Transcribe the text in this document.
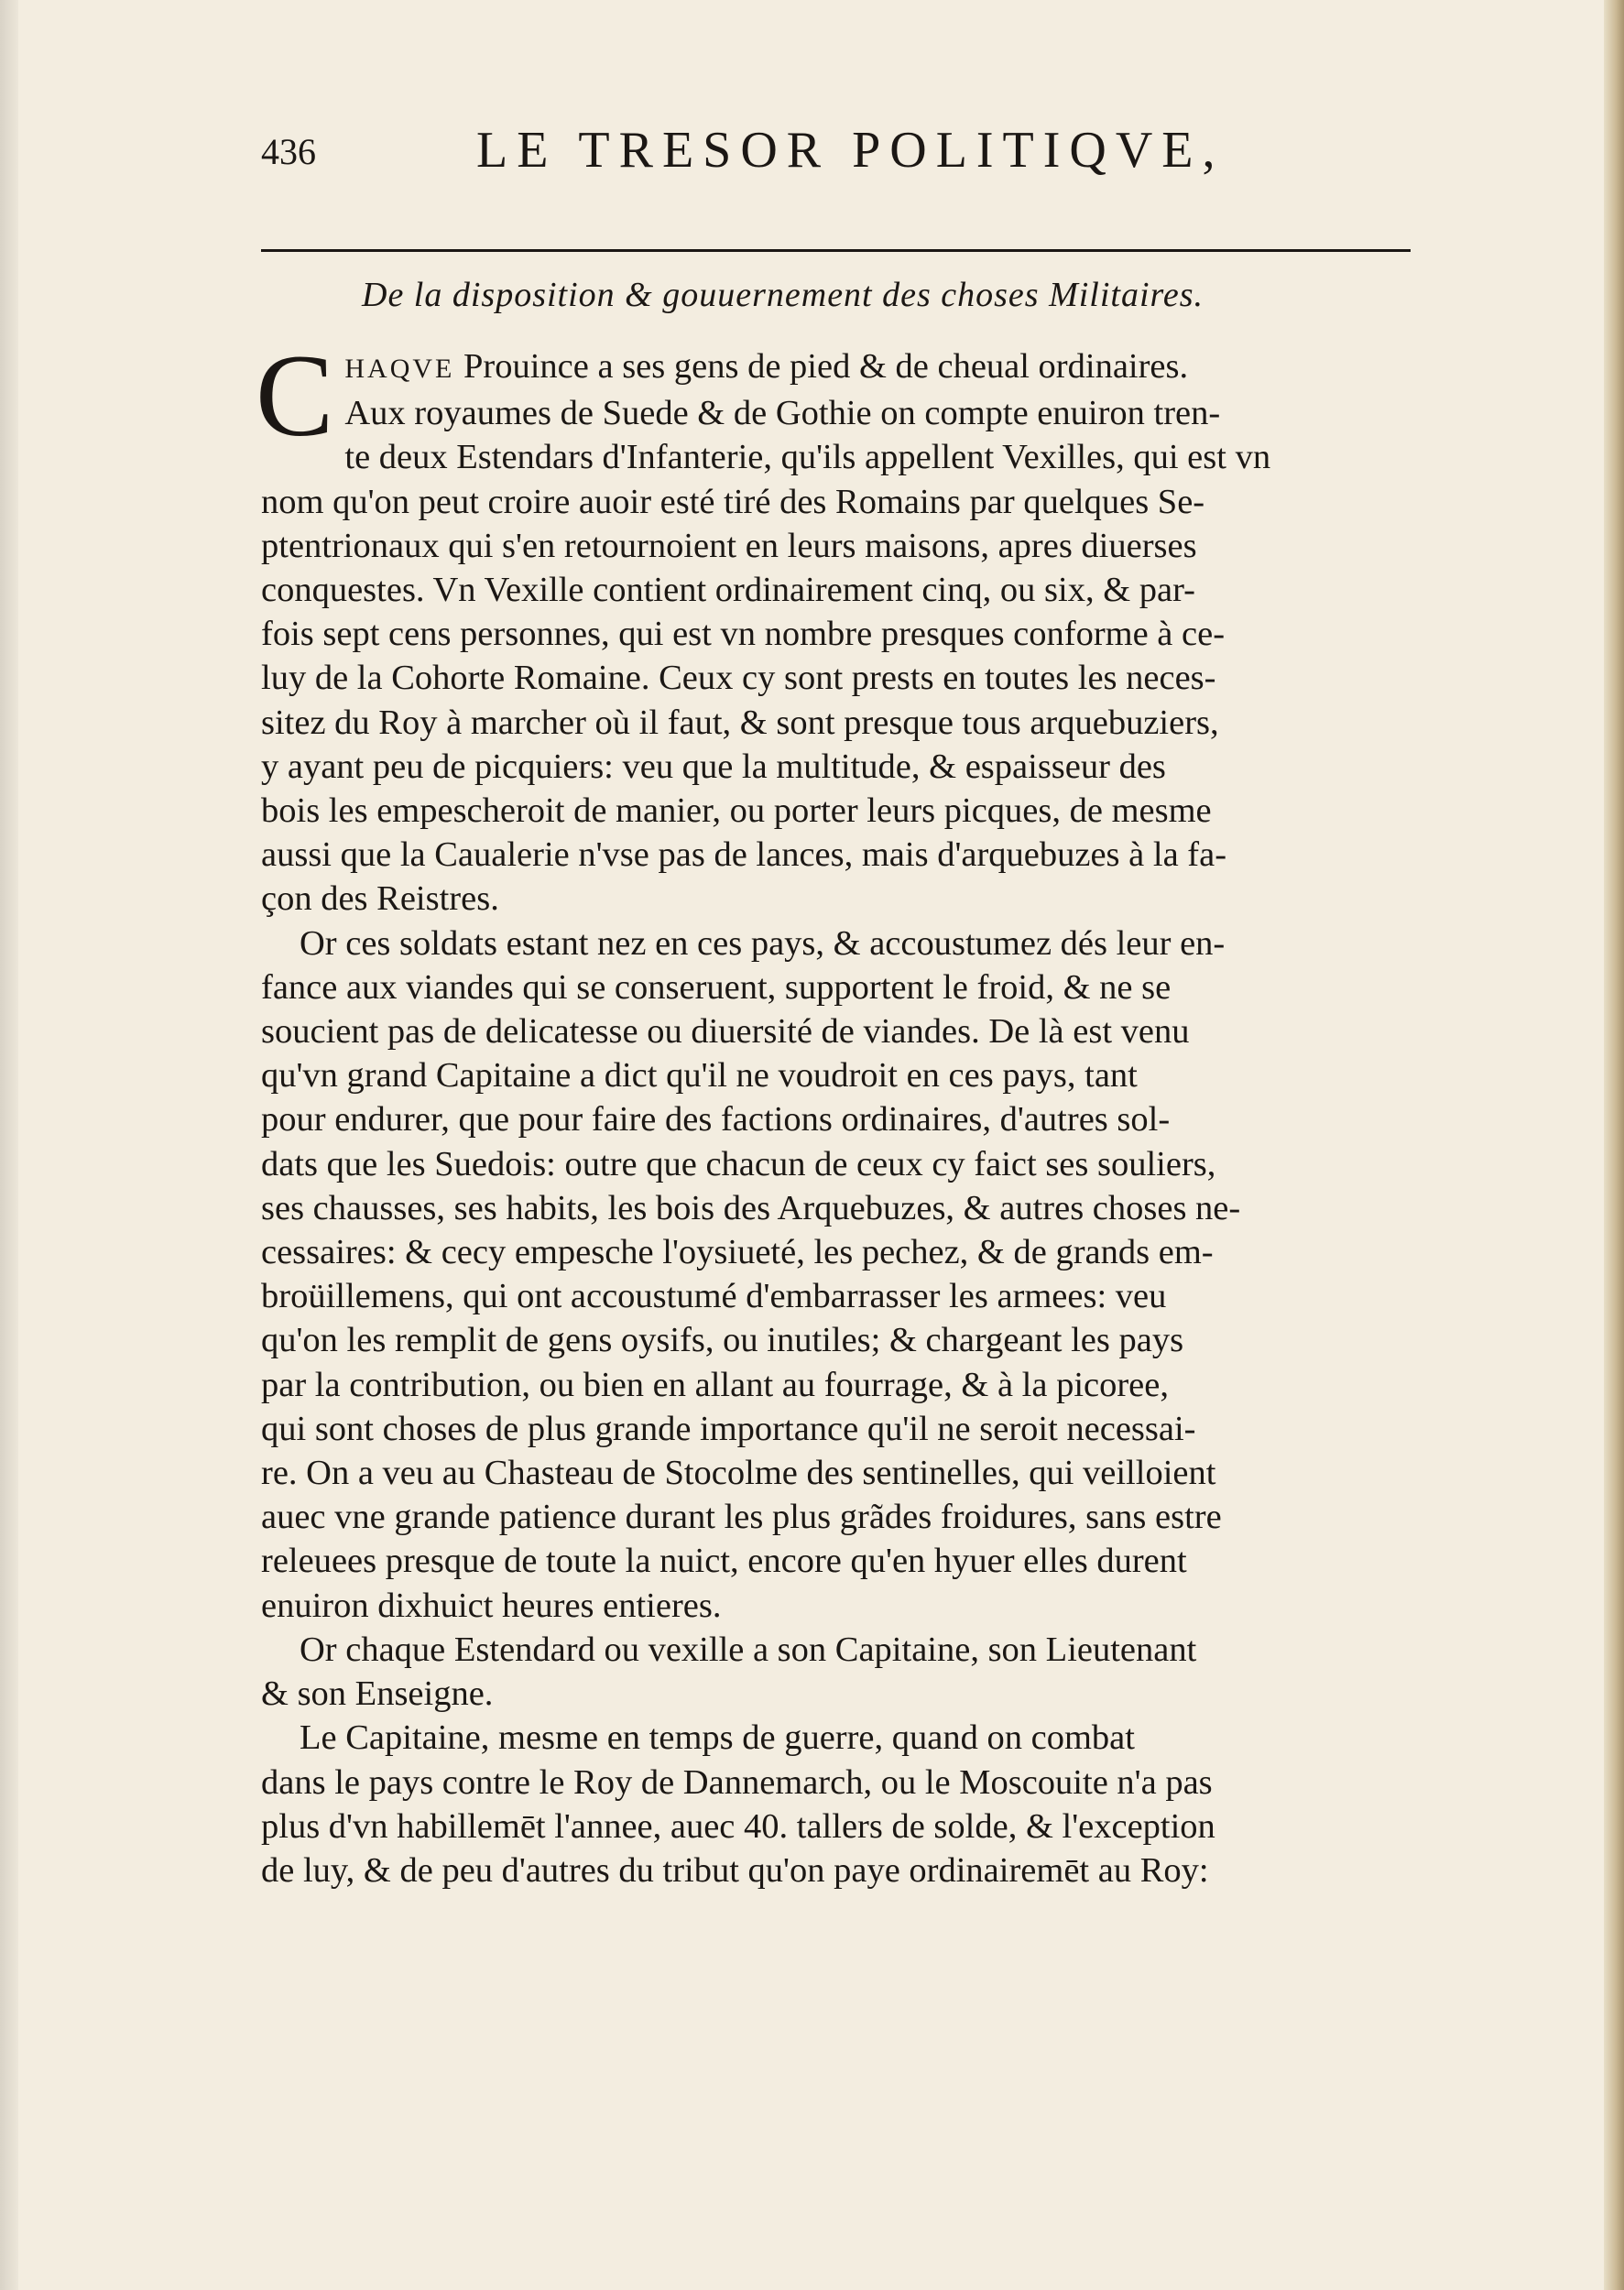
436	LE TRESOR POLITIQVE,
De la disposition & gouuernement des choses Militaires.

C HAQVE Prouince a ses gens de pied & de cheual ordinaires.
Aux royaumes de Suede & de Gothie on compte enuiron tren-
te deux Estendars d'Infanterie, qu'ils appellent Vexilles, qui est vn
nom qu'on peut croire auoir esté tiré des Romains par quelques Se-
ptentrionaux qui s'en retournoient en leurs maisons, apres diuerses
conquestes. Vn Vexille contient ordinairement cinq, ou six, & par-
fois sept cens personnes, qui est vn nombre presques conforme à ce-
luy de la Cohorte Romaine. Ceux cy sont prests en toutes les neces-
sitez du Roy à marcher où il faut, & sont presque tous arquebuziers,
y ayant peu de picquiers: veu que la multitude, & espaisseur des
bois les empescheroit de manier, ou porter leurs picques, de mesme
aussi que la Caualerie n'vse pas de lances, mais d'arquebuzes à la fa-
çon des Reistres.

Or ces soldats estant nez en ces pays, & accoustumez dés leur en-
fance aux viandes qui se conseruent, supportent le froid, & ne se
soucient pas de delicatesse ou diuersité de viandes. De là est venu
qu'vn grand Capitaine a dict qu'il ne voudroit en ces pays, tant
pour endurer, que pour faire des factions ordinaires, d'autres sol-
dats que les Suedois: outre que chacun de ceux cy faict ses souliers,
ses chausses, ses habits, les bois des Arquebuzes, & autres choses ne-
cessaires: & cecy empesche l'oysiueté, les pechez, & de grands em-
broüillemens, qui ont accoustumé d'embarrasser les armees: veu
qu'on les remplit de gens oysifs, ou inutiles; & chargeant les pays
par la contribution, ou bien en allant au fourrage, & à la picoree,
qui sont choses de plus grande importance qu'il ne seroit necessai-
re. On a veu au Chasteau de Stocolme des sentinelles, qui veilloient
auec vne grande patience durant les plus grãdes froidures, sans estre
releuees presque de toute la nuict, encore qu'en hyuer elles durent
enuiron dixhuict heures entieres.

Or chaque Estendard ou vexille a son Capitaine, son Lieutenant
& son Enseigne.

Le Capitaine, mesme en temps de guerre, quand on combat
dans le pays contre le Roy de Dannemarch, ou le Moscouite n'a pas
plus d'vn habillemēt l'annee, auec 40. tallers de solde, & l'exception
de luy, & de peu d'autres du tribut qu'on paye ordinairemēt au Roy:
